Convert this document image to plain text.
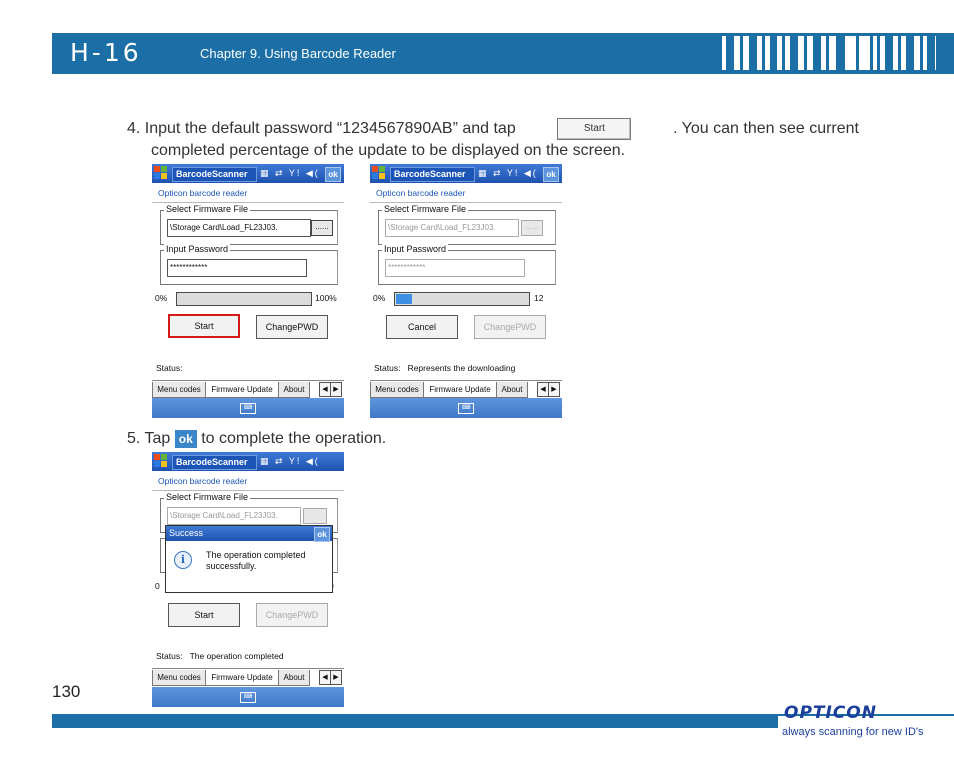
H-16	Chapter 9. Using Barcode Reader
4. Input the default password “1234567890AB” and tap	Start	. You can then see current
completed percentage of the update to be displayed on the screen.
BarcodeScanner	▦ ⇄ Y! ◀(	ok
Opticon barcode reader
Select Firmware File
\Storage Card\Load_FL23J03.	......
Input Password
************
0%	100%
Start	ChangePWD
Status:
Menu codes	Firmware Update	About	◀ ▶
⌨
BarcodeScanner	▦ ⇄ Y! ◀(	ok
Opticon barcode reader
Select Firmware File
\Storage Card\Load_FL23J03.	......
Input Password
************
0%	12
Cancel	ChangePWD
Status: Represents the downloading
Menu codes	Firmware Update	About	◀ ▶
⌨
5. Tap ok to complete the operation.
BarcodeScanner	▦ ⇄ Y! ◀(
Opticon barcode reader
Select Firmware File
\Storage Card\Load_FL23J03.
0
Start	ChangePWD
Status: The operation completed
Menu codes	Firmware Update	About	◀ ▶
⌨
Success	ok
i	The operation completed
successfully.
130
OPTICON
always scanning for new ID's
